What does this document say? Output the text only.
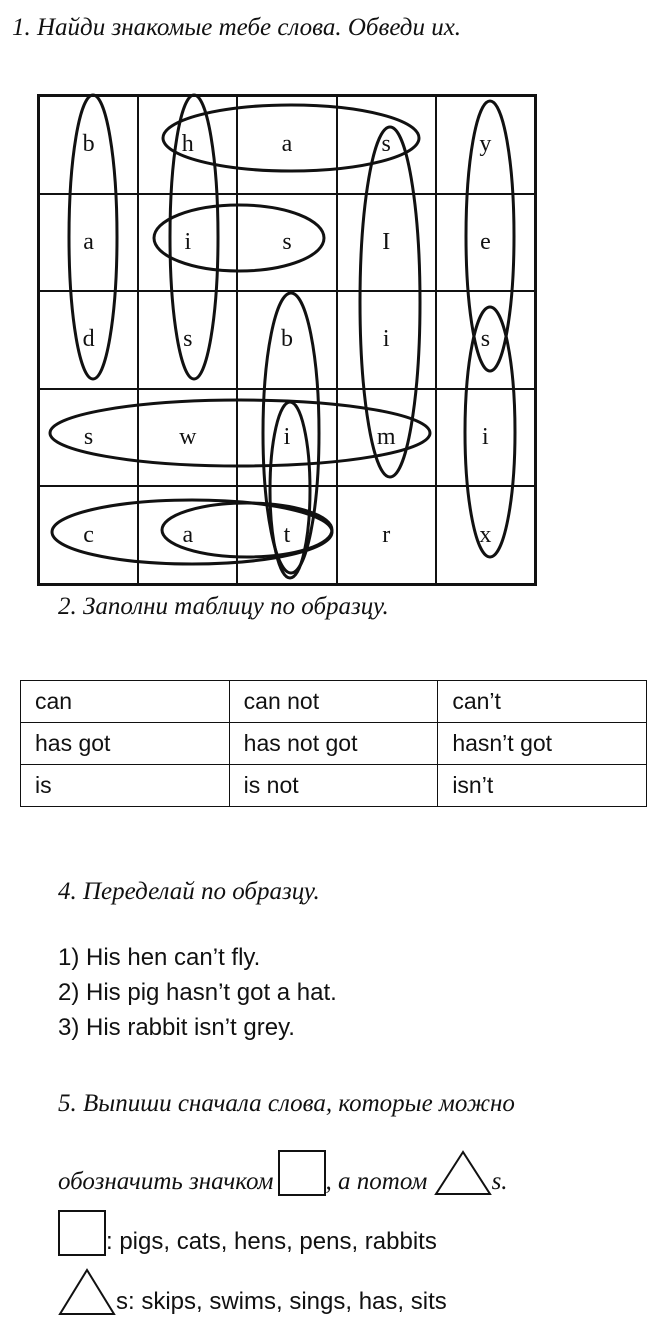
1. Найди знакомые тебе слова. Обведи их.
b	h	a	s	y
a	i	s	I	e
d	s	b	i	s
s	w	i	m	i
c	a	t	r	x
2. Заполни таблицу по образцу.
can	can not	can’t
has got	has not got	hasn’t got
is	is not	isn’t
4. Переделай по образцу.
1) His hen can’t fly.
2) His pig hasn’t got a hat.
3) His rabbit isn’t grey.
5. Выпиши сначала слова, которые можно
обозначить значком , а потом	s.
: pigs, cats, hens, pens, rabbits
s: skips, swims, sings, has, sits
